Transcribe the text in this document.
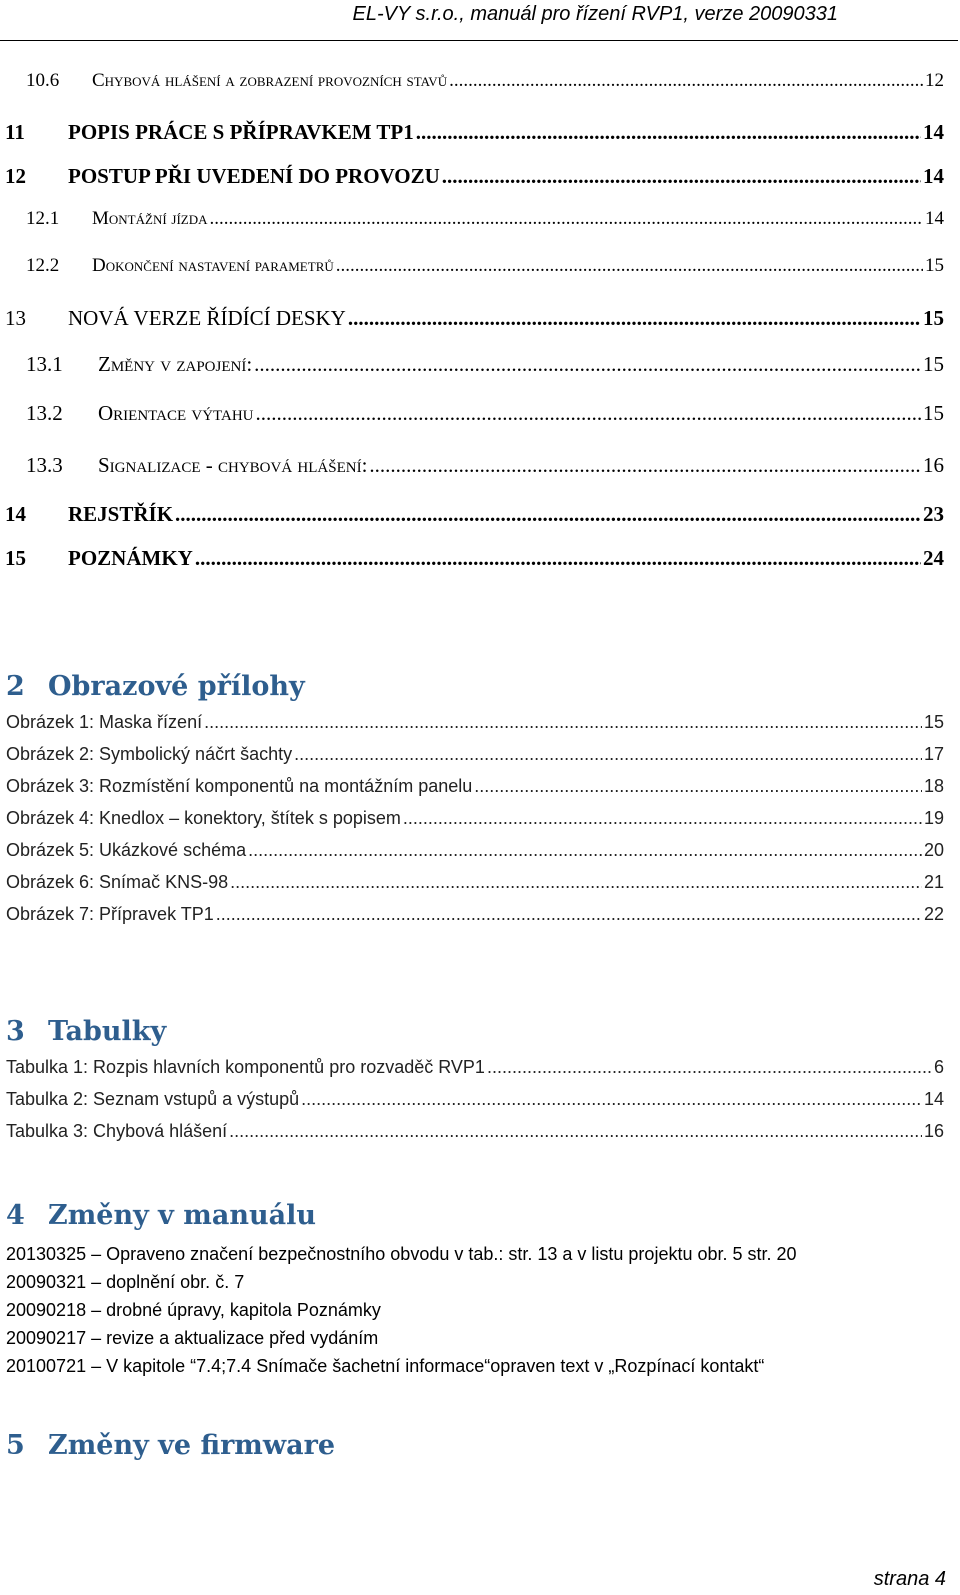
EL-VY s.r.o., manuál pro řízení RVP1, verze 20090331
10.6	Chybová hlášení a zobrazení provozních stavů .....	12
11	POPIS PRÁCE S PŘÍPRAVKEM TP1 .....	14
12	POSTUP PŘI UVEDENÍ DO PROVOZU .....	14
12.1	Montážní jízda .....	14
12.2	Dokončení nastavení parametrů .....	15
13	NOVÁ VERZE ŘÍDÍCÍ DESKY .....	15
13.1	Změny v zapojení: .....	15
13.2	Orientace výtahu .....	15
13.3	Signalizace - chybová hlášení: .....	16
14	REJSTŘÍK .....	23
15	POZNÁMKY .....	24
2 Obrazové přílohy
Obrázek 1: Maska řízení .....	15
Obrázek 2: Symbolický náčrt šachty .....	17
Obrázek 3: Rozmístění komponentů na montážním panelu .....	18
Obrázek 4: Knedlox – konektory, štítek s popisem .....	19
Obrázek 5: Ukázkové schéma .....	20
Obrázek 6: Snímač KNS-98 .....	21
Obrázek 7: Přípravek TP1 .....	22
3 Tabulky
Tabulka 1: Rozpis hlavních komponentů pro rozvaděč RVP1 .....	6
Tabulka 2: Seznam vstupů a výstupů .....	14
Tabulka 3: Chybová hlášení .....	16
4 Změny v manuálu
20130325 – Opraveno značení bezpečnostního obvodu v tab.: str. 13 a v listu projektu obr. 5 str. 20
20090321 – doplnění obr. č. 7
20090218 – drobné úpravy, kapitola Poznámky
20090217 – revize a aktualizace před vydáním
20100721 – V kapitole “7.4;7.4 Snímače šachetní informace“opraven text v „Rozpínací kontakt“
5 Změny ve firmware
strana 4
